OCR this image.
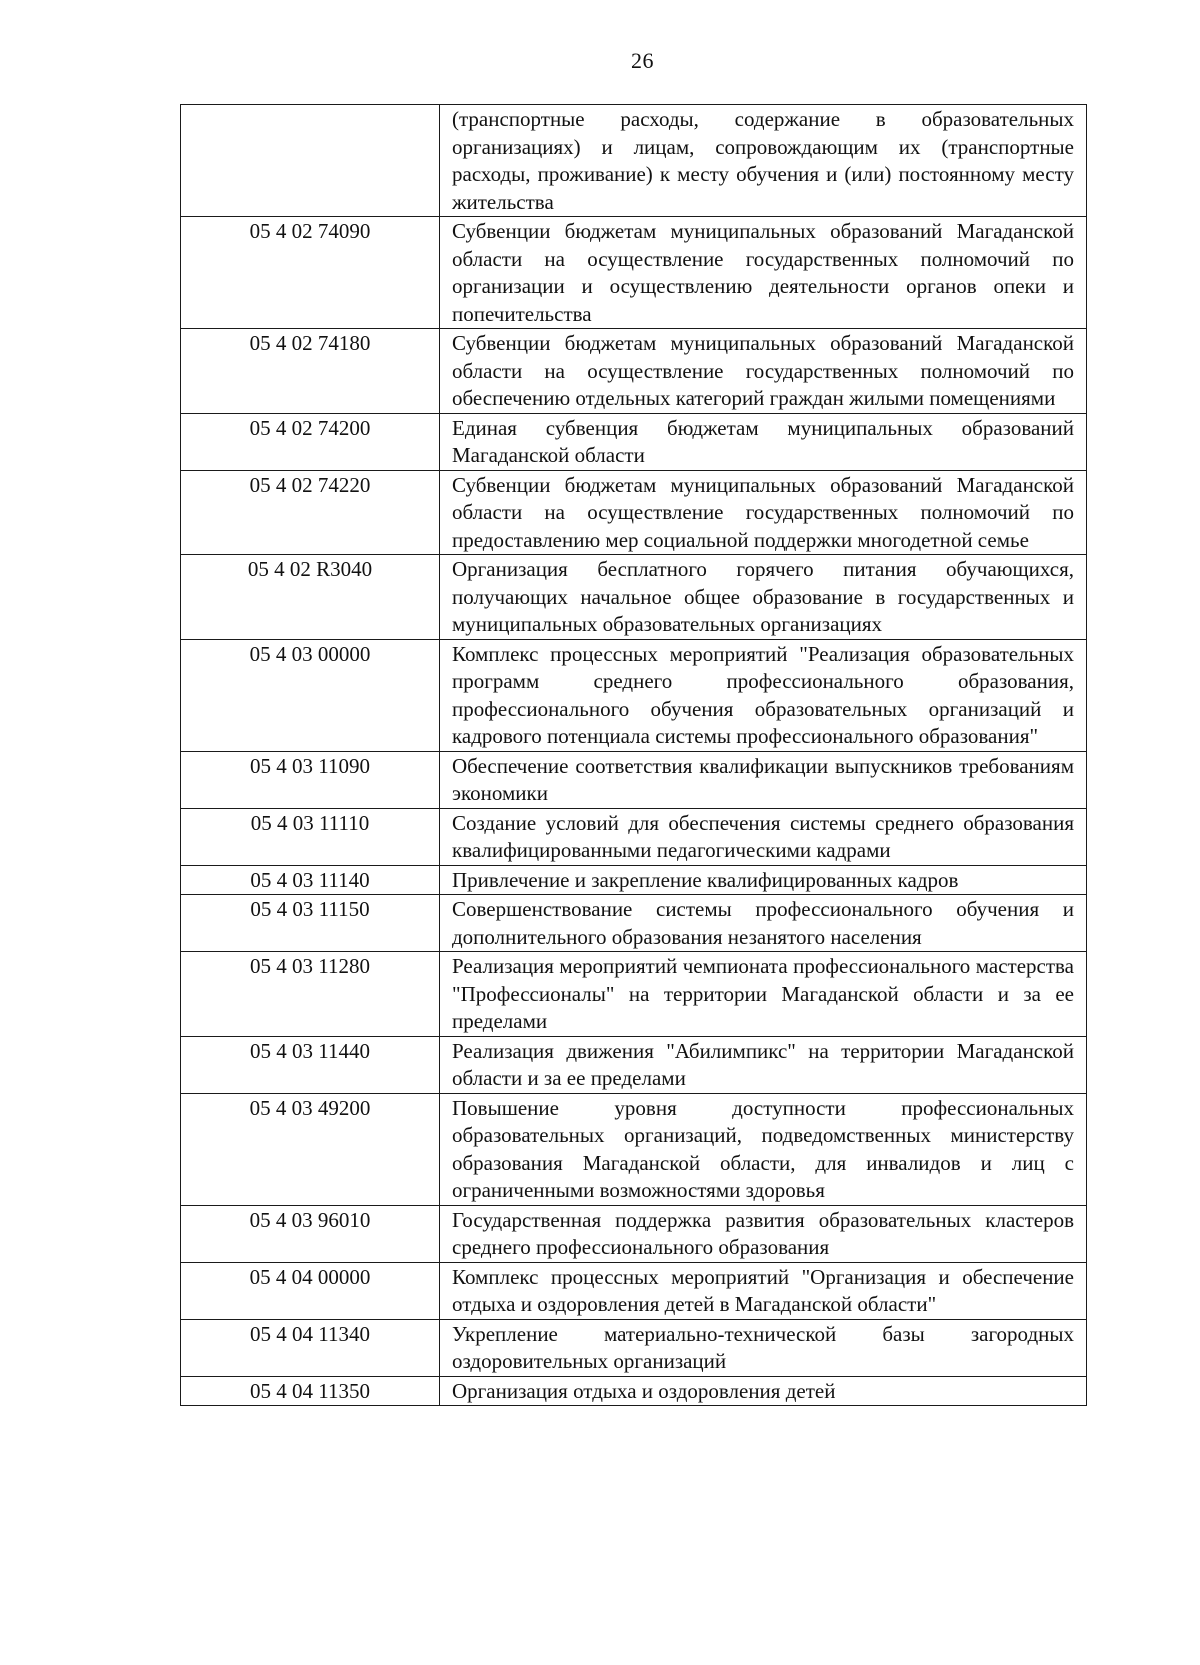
26
	(транспортные расходы, содержание в образовательных организациях) и лицам, сопровождающим их (транспортные расходы, проживание) к месту обучения и (или) постоянному месту жительства
05 4 02 74090	Субвенции бюджетам муниципальных образований Магаданской области на осуществление государственных полномочий по организации и осуществлению деятельности органов опеки и попечительства
05 4 02 74180	Субвенции бюджетам муниципальных образований Магаданской области на осуществление государственных полномочий по обеспечению отдельных категорий граждан жилыми помещениями
05 4 02 74200	Единая субвенция бюджетам муниципальных образований Магаданской области
05 4 02 74220	Субвенции бюджетам муниципальных образований Магаданской области на осуществление государственных полномочий по предоставлению мер социальной поддержки многодетной семье
05 4 02 R3040	Организация бесплатного горячего питания обучающихся, получающих начальное общее образование в государственных и муниципальных образовательных организациях
05 4 03 00000	Комплекс процессных мероприятий "Реализация образовательных программ среднего профессионального образования, профессионального обучения образовательных организаций и кадрового потенциала системы профессионального образования"
05 4 03 11090	Обеспечение соответствия квалификации выпускников требованиям экономики
05 4 03 11110	Создание условий для обеспечения системы среднего образования квалифицированными педагогическими кадрами
05 4 03 11140	Привлечение и закрепление квалифицированных кадров
05 4 03 11150	Совершенствование системы профессионального обучения и дополнительного образования незанятого населения
05 4 03 11280	Реализация мероприятий чемпионата профессионального мастерства "Профессионалы" на территории Магаданской области и за ее пределами
05 4 03 11440	Реализация движения "Абилимпикс" на территории Магаданской области и за ее пределами
05 4 03 49200	Повышение уровня доступности профессиональных образовательных организаций, подведомственных министерству образования Магаданской области, для инвалидов и лиц с ограниченными возможностями здоровья
05 4 03 96010	Государственная поддержка развития образовательных кластеров среднего профессионального образования
05 4 04 00000	Комплекс процессных мероприятий "Организация и обеспечение отдыха и оздоровления детей в Магаданской области"
05 4 04 11340	Укрепление материально-технической базы загородных оздоровительных организаций
05 4 04 11350	Организация отдыха и оздоровления детей
